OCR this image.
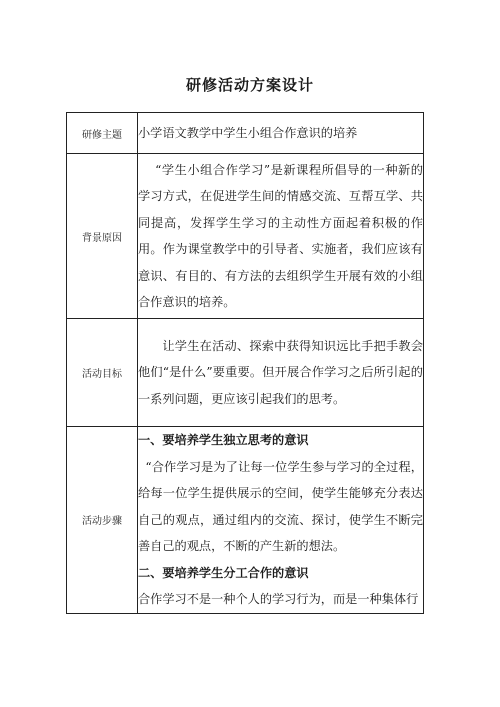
研修活动方案设计
研修主题	小学语文教学中学生小组合作意识的培养
背景原因	“学生小组合作学习”是新课程所倡导的一种新的学习方式，在促进学生间的情感交流、互帮互学、共同提高，发挥学生学习的主动性方面起着积极的作用。作为课堂教学中的引导者、实施者，我们应该有意识、有目的、有方法的去组织学生开展有效的小组合作意识的培养。

活动目标	让学生在活动、探索中获得知识远比手把手教会他们“是什么”要重要。但开展合作学习之后所引起的一系列问题，更应该引起我们的思考。

活动步骤	一、要培养学生独立思考的意识

“合作学习是为了让每一位学生参与学习的全过程，给每一位学生提供展示的空间，使学生能够充分表达自己的观点，通过组内的交流、探讨，使学生不断完善自己的观点，不断的产生新的想法。

二、要培养学生分工合作的意识

合作学习不是一种个人的学习行为，而是一种集体行
